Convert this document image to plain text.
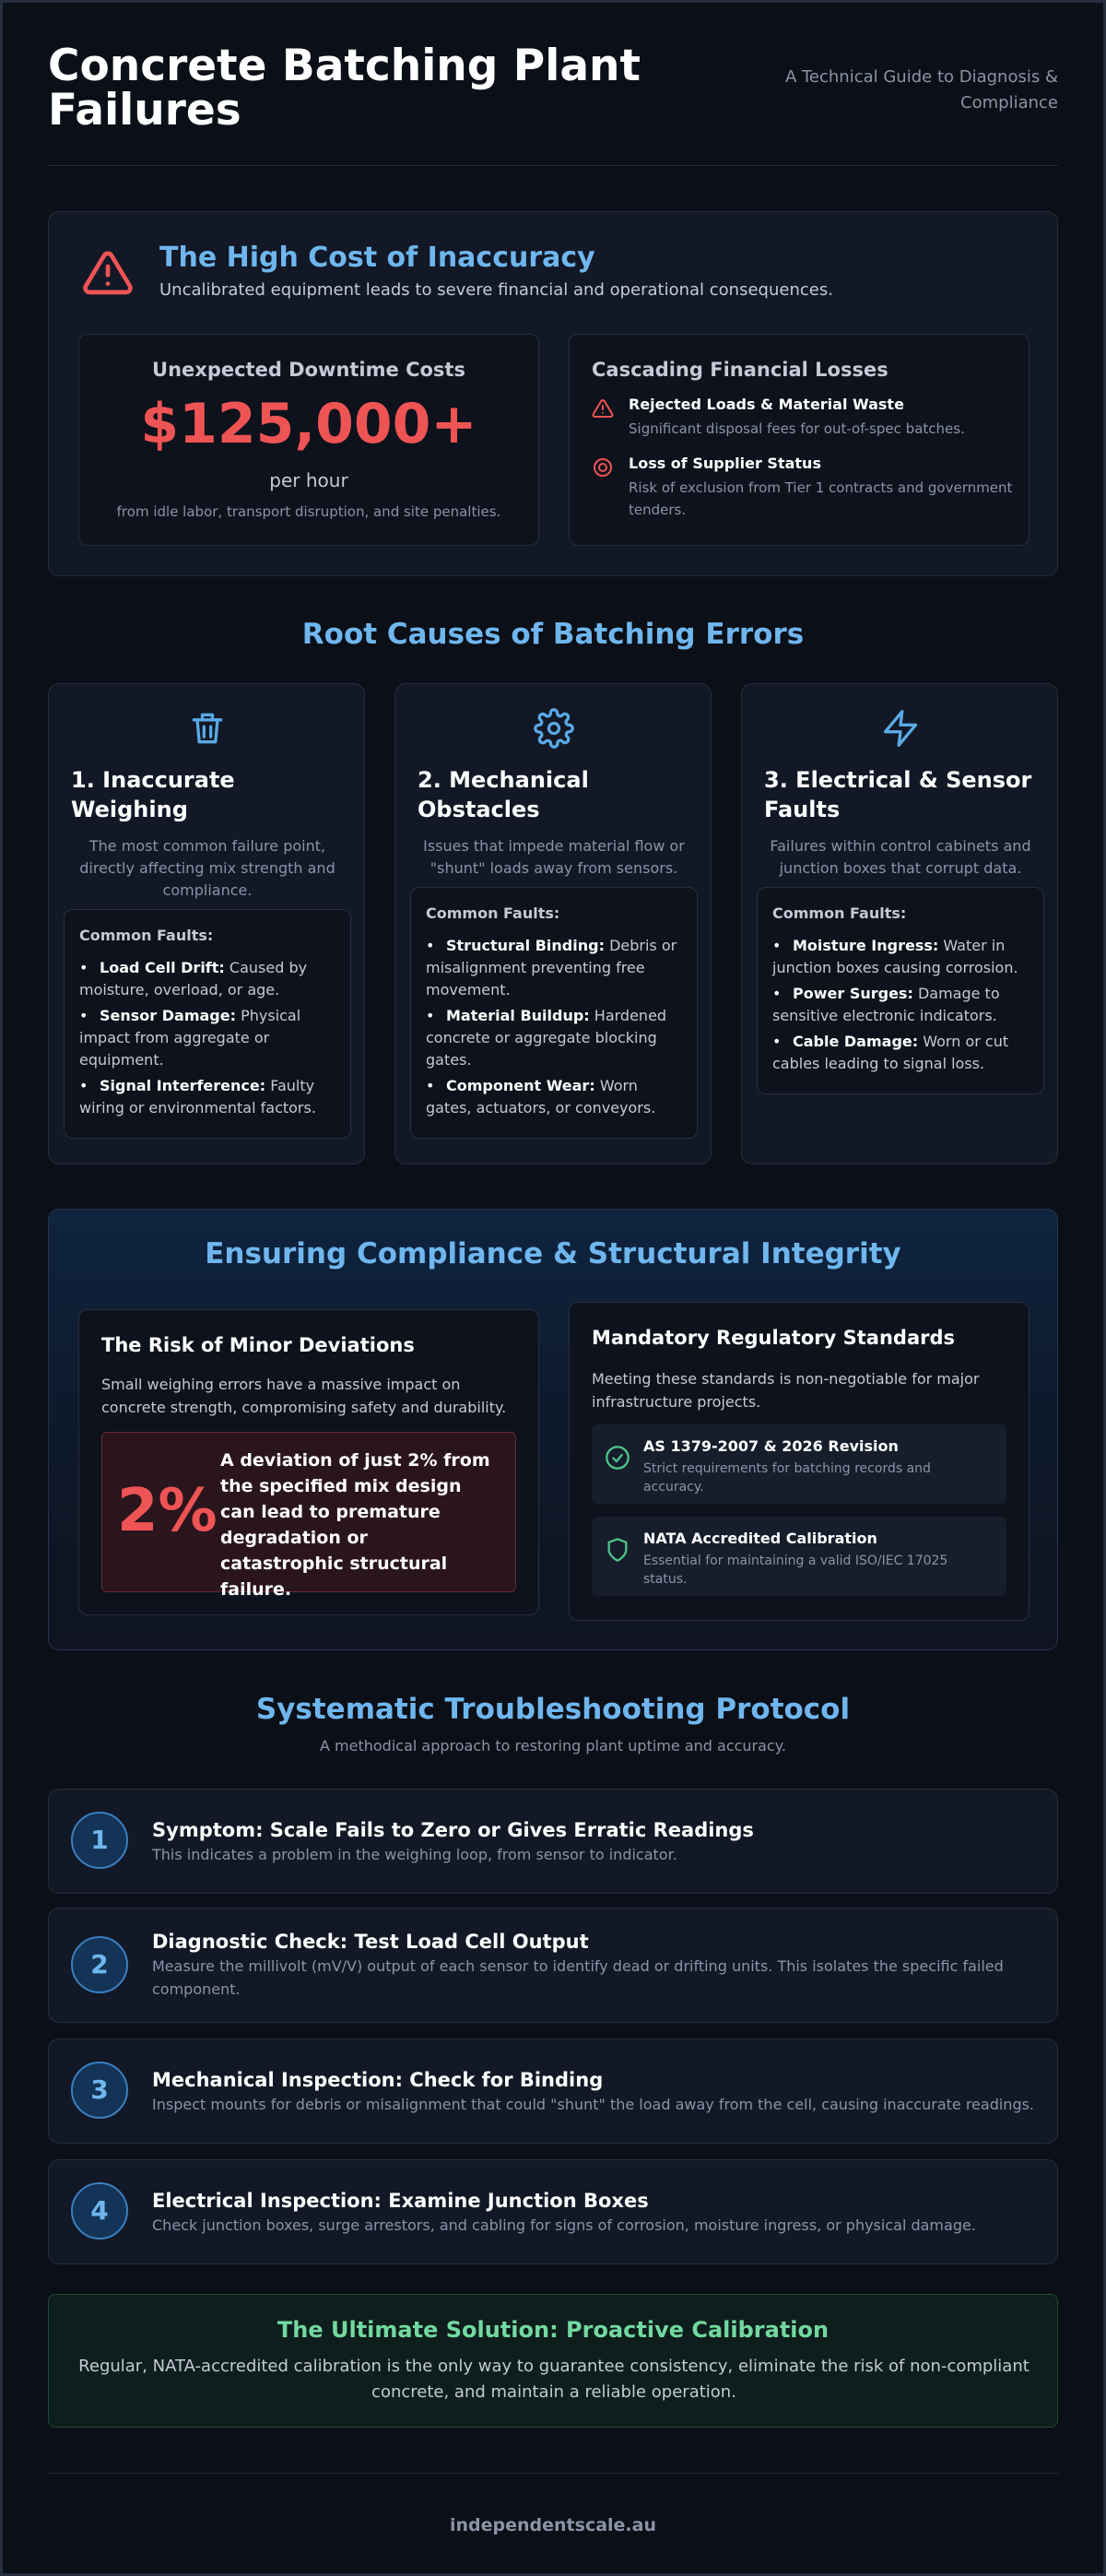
Concrete Batching Plant Failures
A Technical Guide to Diagnosis & Compliance
The High Cost of Inaccuracy
Uncalibrated equipment leads to severe financial and operational consequences.
Unexpected Downtime Costs
$125,000+
per hour
from idle labor, transport disruption, and site penalties.
Cascading Financial Losses
Rejected Loads & Material Waste
Significant disposal fees for out-of-spec batches.
Loss of Supplier Status
Risk of exclusion from Tier 1 contracts and government tenders.
Root Causes of Batching Errors
1. Inaccurate Weighing
The most common failure point, directly affecting mix strength and compliance.
Common Faults:
• Load Cell Drift: Caused by moisture, overload, or age.
• Sensor Damage: Physical impact from aggregate or equipment.
• Signal Interference: Faulty wiring or environmental factors.
2. Mechanical Obstacles
Issues that impede material flow or "shunt" loads away from sensors.
Common Faults:
• Structural Binding: Debris or misalignment preventing free movement.
• Material Buildup: Hardened concrete or aggregate blocking gates.
• Component Wear: Worn gates, actuators, or conveyors.
3. Electrical & Sensor Faults
Failures within control cabinets and junction boxes that corrupt data.
Common Faults:
• Moisture Ingress: Water in junction boxes causing corrosion.
• Power Surges: Damage to sensitive electronic indicators.
• Cable Damage: Worn or cut cables leading to signal loss.
Ensuring Compliance & Structural Integrity
The Risk of Minor Deviations
Small weighing errors have a massive impact on concrete strength, compromising safety and durability.
2%
A deviation of just 2% from the specified mix design can lead to premature degradation or catastrophic structural failure.
Mandatory Regulatory Standards
Meeting these standards is non-negotiable for major infrastructure projects.
AS 1379-2007 & 2026 Revision
Strict requirements for batching records and accuracy.
NATA Accredited Calibration
Essential for maintaining a valid ISO/IEC 17025 status.
Systematic Troubleshooting Protocol
A methodical approach to restoring plant uptime and accuracy.
1	Symptom: Scale Fails to Zero or Gives Erratic Readings
This indicates a problem in the weighing loop, from sensor to indicator.
2
Diagnostic Check: Test Load Cell Output
Measure the millivolt (mV/V) output of each sensor to identify dead or drifting units. This isolates the specific failed component.
3	Mechanical Inspection: Check for Binding
Inspect mounts for debris or misalignment that could "shunt" the load away from the cell, causing inaccurate readings.
4	Electrical Inspection: Examine Junction Boxes
Check junction boxes, surge arrestors, and cabling for signs of corrosion, moisture ingress, or physical damage.
The Ultimate Solution: Proactive Calibration
Regular, NATA-accredited calibration is the only way to guarantee consistency, eliminate the risk of non-compliant concrete, and maintain a reliable operation.
independentscale.au
